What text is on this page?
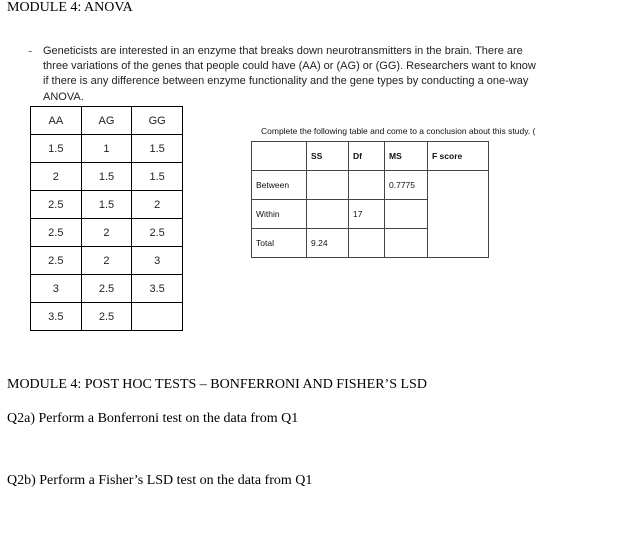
MODULE 4: ANOVA
- Geneticists are interested in an enzyme that breaks down neurotransmitters in the brain. There are three variations of the genes that people could have (AA) or (AG) or (GG). Researchers want to know if there is any difference between enzyme functionality and the gene types by conducting a one-way ANOVA.
AA	AG	GG
1.5	1	1.5
2	1.5	1.5
2.5	1.5	2
2.5	2	2.5
2.5	2	3
3	2.5	3.5
3.5	2.5	
Complete the following table and come to a conclusion about this study. (
	SS	Df	MS	F score
Between			0.7775	
Within		17		
Total	9.24			
MODULE 4: POST HOC TESTS – BONFERRONI AND FISHER’S LSD
Q2a) Perform a Bonferroni test on the data from Q1
Q2b) Perform a Fisher’s LSD test on the data from Q1
